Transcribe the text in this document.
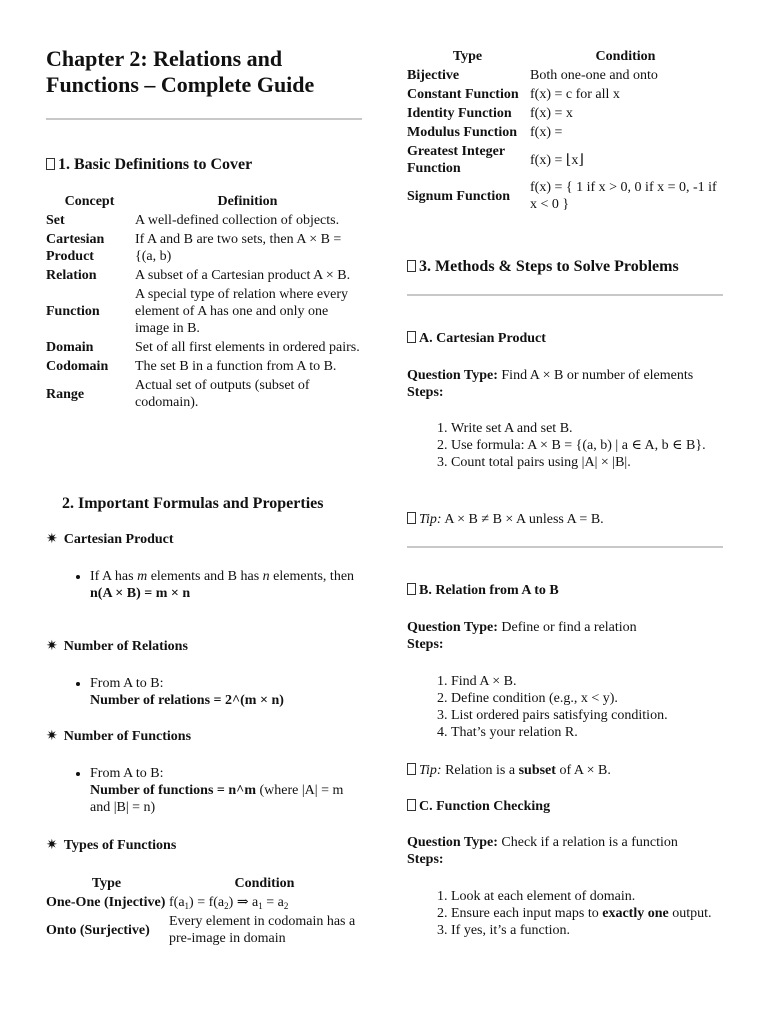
Chapter 2: Relations and Functions – Complete Guide
1. Basic Definitions to Cover
Concept	Definition
Set	A well-defined collection of objects.
Cartesian Product	If A and B are two sets, then A × B = {(a, b)
Relation	A subset of a Cartesian product A × B.
Function	A special type of relation where every element of A has one and only one image in B.
Domain	Set of all first elements in ordered pairs.
Codomain	The set B in a function from A to B.
Range	Actual set of outputs (subset of codomain).
2. Important Formulas and Properties
✷ Cartesian Product
• If A has m elements and B has n elements, then
n(A × B) = m × n
✷ Number of Relations
• From A to B:
Number of relations = 2^(m × n)
✷ Number of Functions
• From A to B:
Number of functions = n^m (where |A| = m and |B| = n)
✷ Types of Functions
Type	Condition
One-One (Injective)	$f(a_1) = f(a_2)$ ⇒ $a_1 = a_2$
Onto (Surjective)	Every element in codomain has a pre-image in domain
Type	Condition
Bijective	Both one-one and onto
Constant Function	f(x) = c for all x
Identity Function	f(x) = x
Modulus Function	f(x) =
Greatest Integer Function	f(x) = ⌊x⌋
Signum Function	f(x) = { 1 if x > 0, 0 if x = 0, -1 if x < 0 }
3. Methods & Steps to Solve Problems
A. Cartesian Product

Question Type: Find A × B or number of elements

Steps:

1. Write set A and set B.
2. Use formula: A × B = {(a, b) | a ∈ A, b ∈ B}.
3. Count total pairs using |A| × |B|.

Tip: A × B ≠ B × A unless A = B.

B. Relation from A to B

Question Type: Define or find a relation

Steps:

1. Find A × B.
2. Define condition (e.g., x < y).
3. List ordered pairs satisfying condition.
4. That’s your relation R.

Tip: Relation is a subset of A × B.

C. Function Checking

Question Type: Check if a relation is a function

Steps:

1. Look at each element of domain.
2. Ensure each input maps to exactly one output.
3. If yes, it’s a function.
